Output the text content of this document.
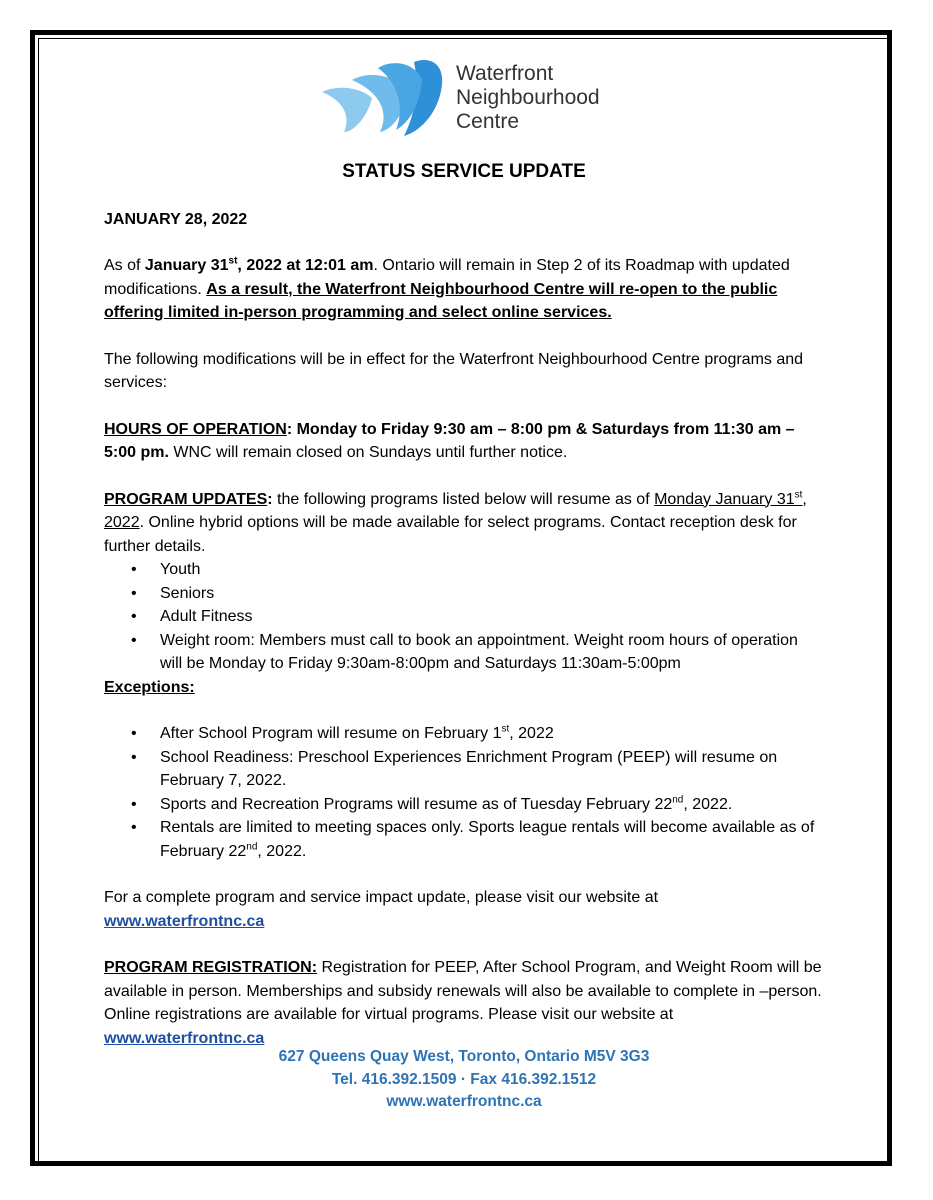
Waterfront
Neighbourhood
Centre
STATUS SERVICE UPDATE
JANUARY 28, 2022
As of January 31st, 2022 at 12:01 am. Ontario will remain in Step 2 of its Roadmap with updated modifications. As a result, the Waterfront Neighbourhood Centre will re-open to the public offering limited in-person programming and select online services.
The following modifications will be in effect for the Waterfront Neighbourhood Centre programs and services:
HOURS OF OPERATION: Monday to Friday 9:30 am – 8:00 pm & Saturdays from 11:30 am – 5:00 pm. WNC will remain closed on Sundays until further notice.
PROGRAM UPDATES: the following programs listed below will resume as of Monday January 31st, 2022. Online hybrid options will be made available for select programs. Contact reception desk for further details.
• Youth
• Seniors
• Adult Fitness
• Weight room: Members must call to book an appointment. Weight room hours of operation will be Monday to Friday 9:30am-8:00pm and Saturdays 11:30am-5:00pm
Exceptions:
• After School Program will resume on February 1st, 2022
• School Readiness: Preschool Experiences Enrichment Program (PEEP) will resume on February 7, 2022.
• Sports and Recreation Programs will resume as of Tuesday February 22nd, 2022.
• Rentals are limited to meeting spaces only. Sports league rentals will become available as of February 22nd, 2022.
For a complete program and service impact update, please visit our website at
www.waterfrontnc.ca
PROGRAM REGISTRATION: Registration for PEEP, After School Program, and Weight Room will be available in person. Memberships and subsidy renewals will also be available to complete in –person. Online registrations are available for virtual programs. Please visit our website at
www.waterfrontnc.ca
627 Queens Quay West, Toronto, Ontario M5V 3G3
Tel. 416.392.1509 · Fax 416.392.1512
www.waterfrontnc.ca
